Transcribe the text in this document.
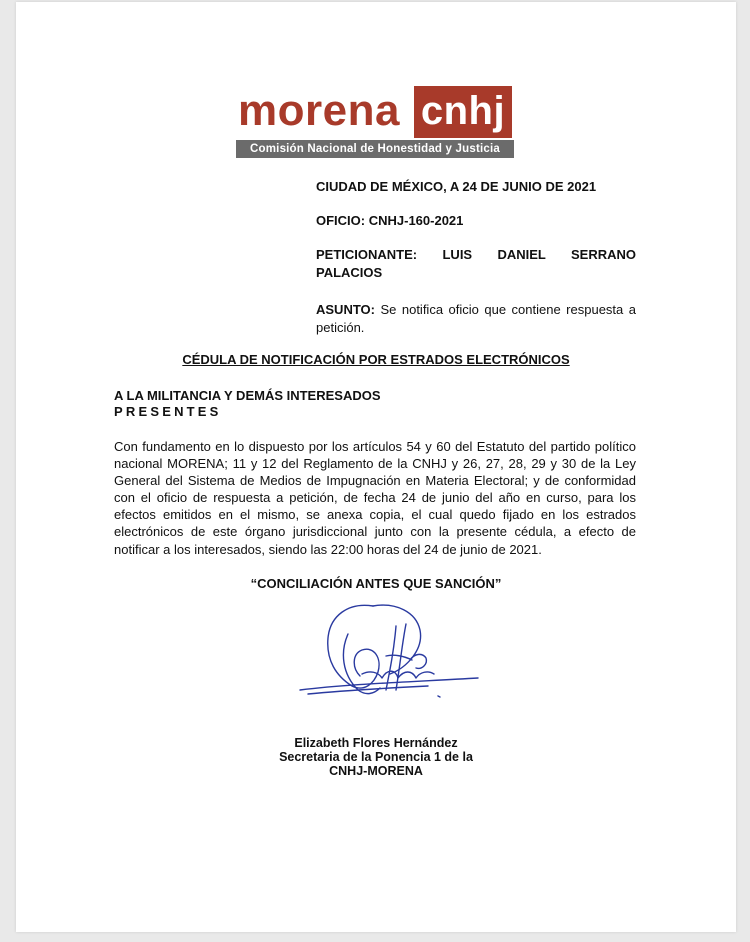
morena cnhj
Comisión Nacional de Honestidad y Justicia
CIUDAD DE MÉXICO, A 24 DE JUNIO DE 2021
OFICIO: CNHJ-160-2021
PETICIONANTE: LUIS DANIEL SERRANO
PALACIOS
ASUNTO: Se notifica oficio que contiene respuesta a petición.
CÉDULA DE NOTIFICACIÓN POR ESTRADOS ELECTRÓNICOS
A LA MILITANCIA Y DEMÁS INTERESADOS
PRESENTES
Con fundamento en lo dispuesto por los artículos 54 y 60 del Estatuto del partido político nacional MORENA; 11 y 12 del Reglamento de la CNHJ y 26, 27, 28, 29 y 30 de la Ley General del Sistema de Medios de Impugnación en Materia Electoral; y de conformidad con el oficio de respuesta a petición, de fecha 24 de junio del año en curso, para los efectos emitidos en el mismo, se anexa copia, el cual quedo fijado en los estrados electrónicos de este órgano jurisdiccional junto con la presente cédula, a efecto de notificar a los interesados, siendo las 22:00 horas del 24 de junio de 2021.
“CONCILIACIÓN ANTES QUE SANCIÓN”
Elizabeth Flores Hernández
Secretaria de la Ponencia 1 de la
CNHJ-MORENA
